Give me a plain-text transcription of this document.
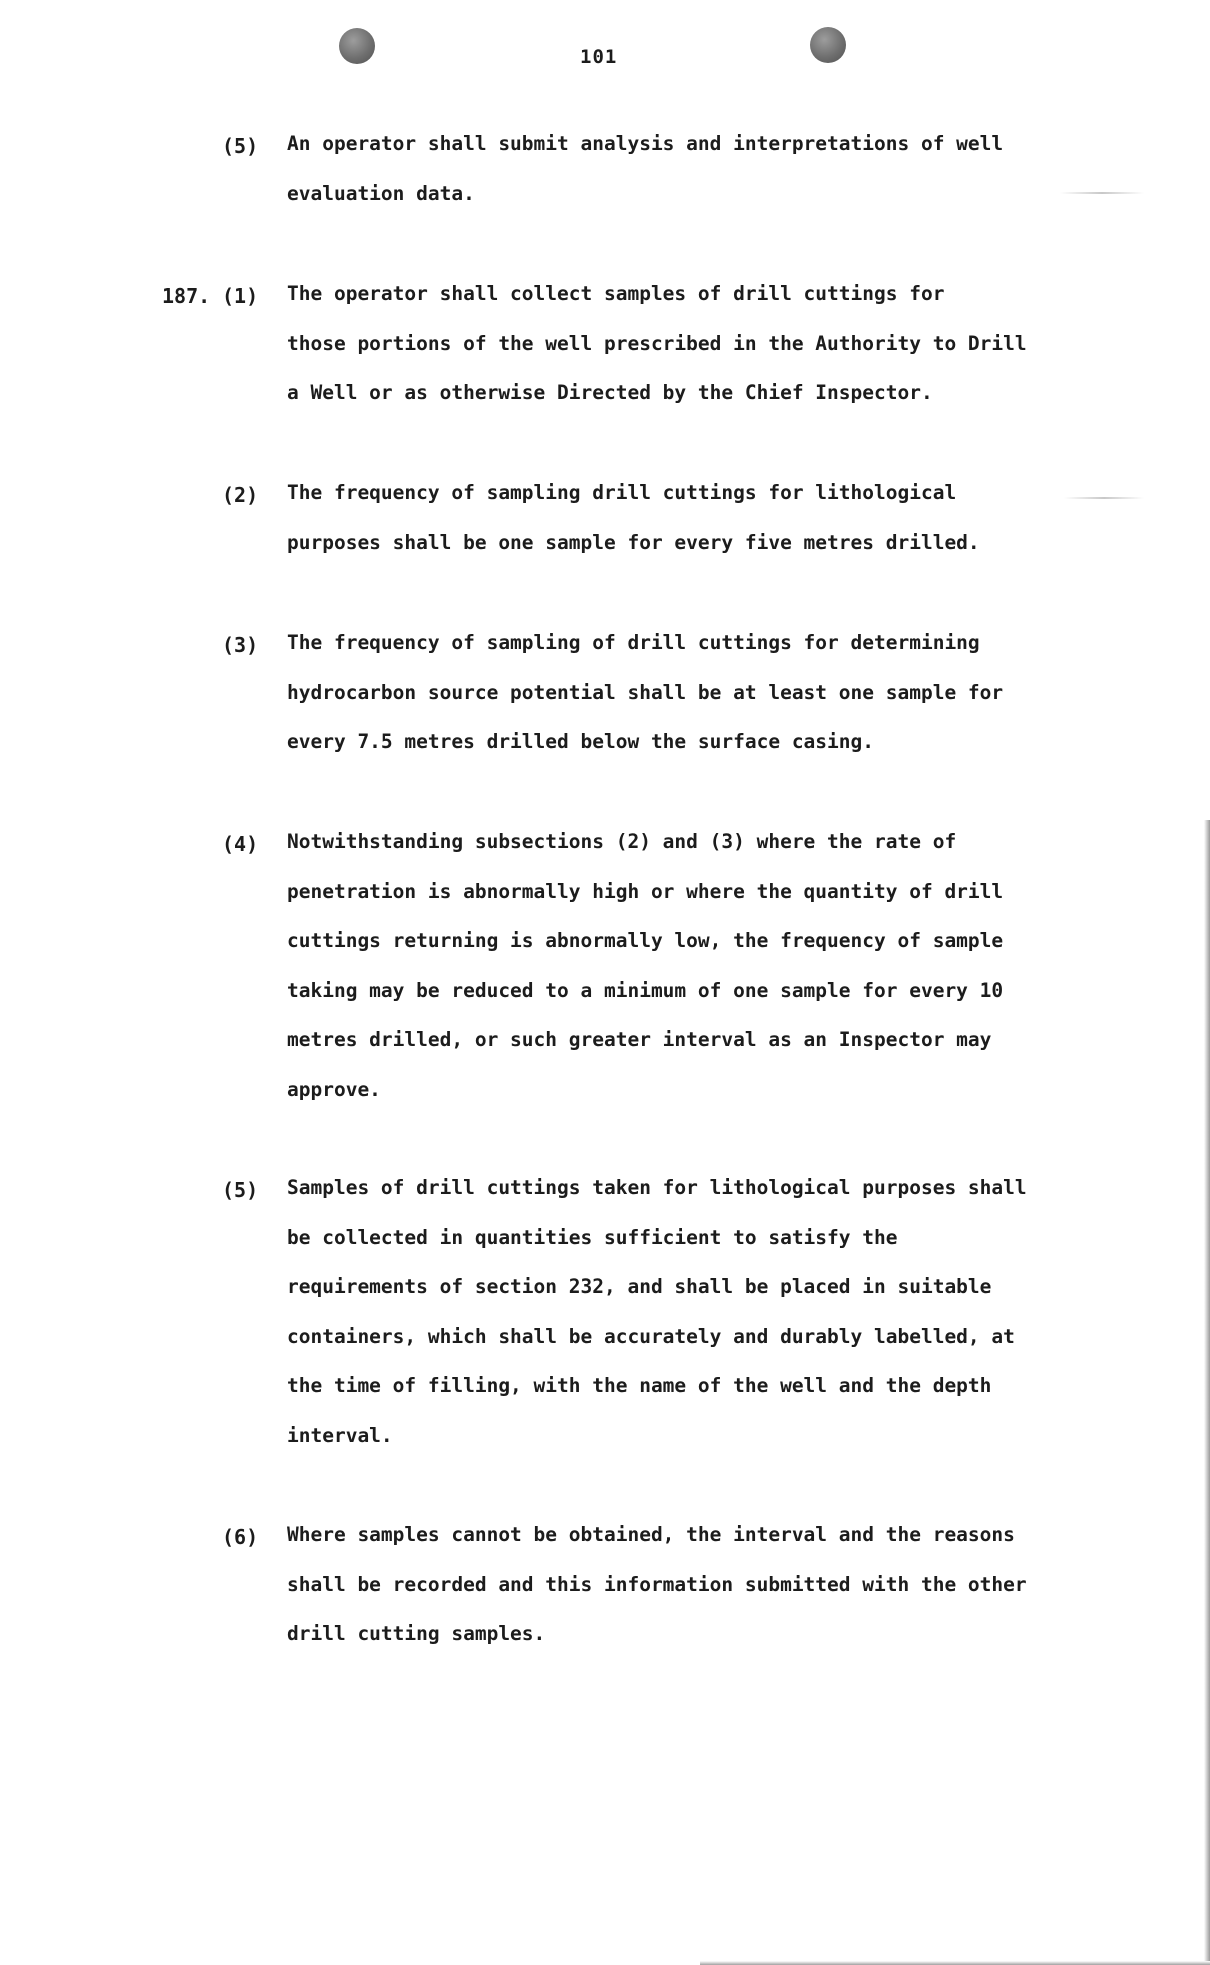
101
(5) An operator shall submit analysis and interpretations of well
evaluation data.

187. (1) The operator shall collect samples of drill cuttings for
those portions of the well prescribed in the Authority to Drill
a Well or as otherwise Directed by the Chief Inspector.

(2) The frequency of sampling drill cuttings for lithological
purposes shall be one sample for every five metres drilled.

(3) The frequency of sampling of drill cuttings for determining
hydrocarbon source potential shall be at least one sample for
every 7.5 metres drilled below the surface casing.

(4) Notwithstanding subsections (2) and (3) where the rate of
penetration is abnormally high or where the quantity of drill
cuttings returning is abnormally low, the frequency of sample
taking may be reduced to a minimum of one sample for every 10
metres drilled, or such greater interval as an Inspector may
approve.

(5) Samples of drill cuttings taken for lithological purposes shall
be collected in quantities sufficient to satisfy the
requirements of section 232, and shall be placed in suitable
containers, which shall be accurately and durably labelled, at
the time of filling, with the name of the well and the depth
interval.

(6) Where samples cannot be obtained, the interval and the reasons
shall be recorded and this information submitted with the other
drill cutting samples.
